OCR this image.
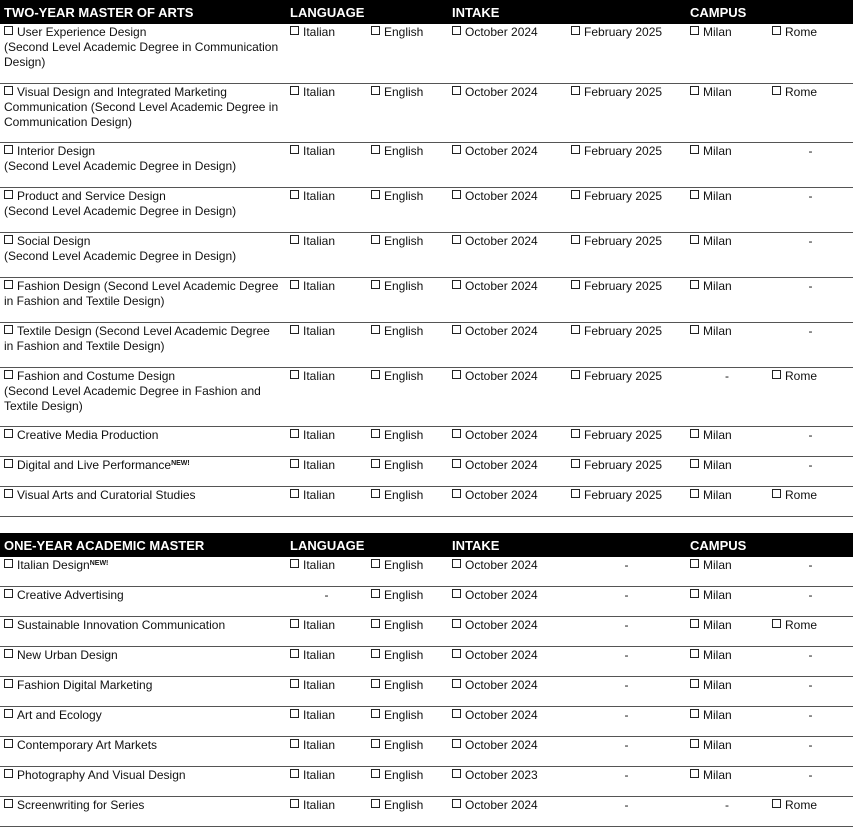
TWO-YEAR MASTER OF ARTS	LANGUAGE		INTAKE		CAMPUS	
User Experience Design
(Second Level Academic Degree in Communication Design)	Italian	English	October 2024	February 2025	Milan	Rome
Visual Design and Integrated Marketing Communication (Second Level Academic Degree in Communication Design)	Italian	English	October 2024	February 2025	Milan	Rome
Interior Design
(Second Level Academic Degree in Design)	Italian	English	October 2024	February 2025	Milan	-
Product and Service Design
(Second Level Academic Degree in Design)	Italian	English	October 2024	February 2025	Milan	-
Social Design
(Second Level Academic Degree in Design)	Italian	English	October 2024	February 2025	Milan	-
Fashion Design (Second Level Academic Degree in Fashion and Textile Design)	Italian	English	October 2024	February 2025	Milan	-
Textile Design (Second Level Academic Degree in Fashion and Textile Design)	Italian	English	October 2024	February 2025	Milan	-
Fashion and Costume Design
(Second Level Academic Degree in Fashion and Textile Design)	Italian	English	October 2024	February 2025	-	Rome
Creative Media Production	Italian	English	October 2024	February 2025	Milan	-
Digital and Live Performance$^{NEW!}$	Italian	English	October 2024	February 2025	Milan	-
Visual Arts and Curatorial Studies	Italian	English	October 2024	February 2025	Milan	Rome

ONE-YEAR ACADEMIC MASTER	LANGUAGE		INTAKE		CAMPUS	
Italian Design$^{NEW!}$	Italian	English	October 2024	-	Milan	-
Creative Advertising	-	English	October 2024	-	Milan	-
Sustainable Innovation Communication	Italian	English	October 2024	-	Milan	Rome
New Urban Design	Italian	English	October 2024	-	Milan	-
Fashion Digital Marketing	Italian	English	October 2024	-	Milan	-
Art and Ecology	Italian	English	October 2024	-	Milan	-
Contemporary Art Markets	Italian	English	October 2024	-	Milan	-
Photography And Visual Design	Italian	English	October 2023	-	Milan	-
Screenwriting for Series	Italian	English	October 2024	-	-	Rome
